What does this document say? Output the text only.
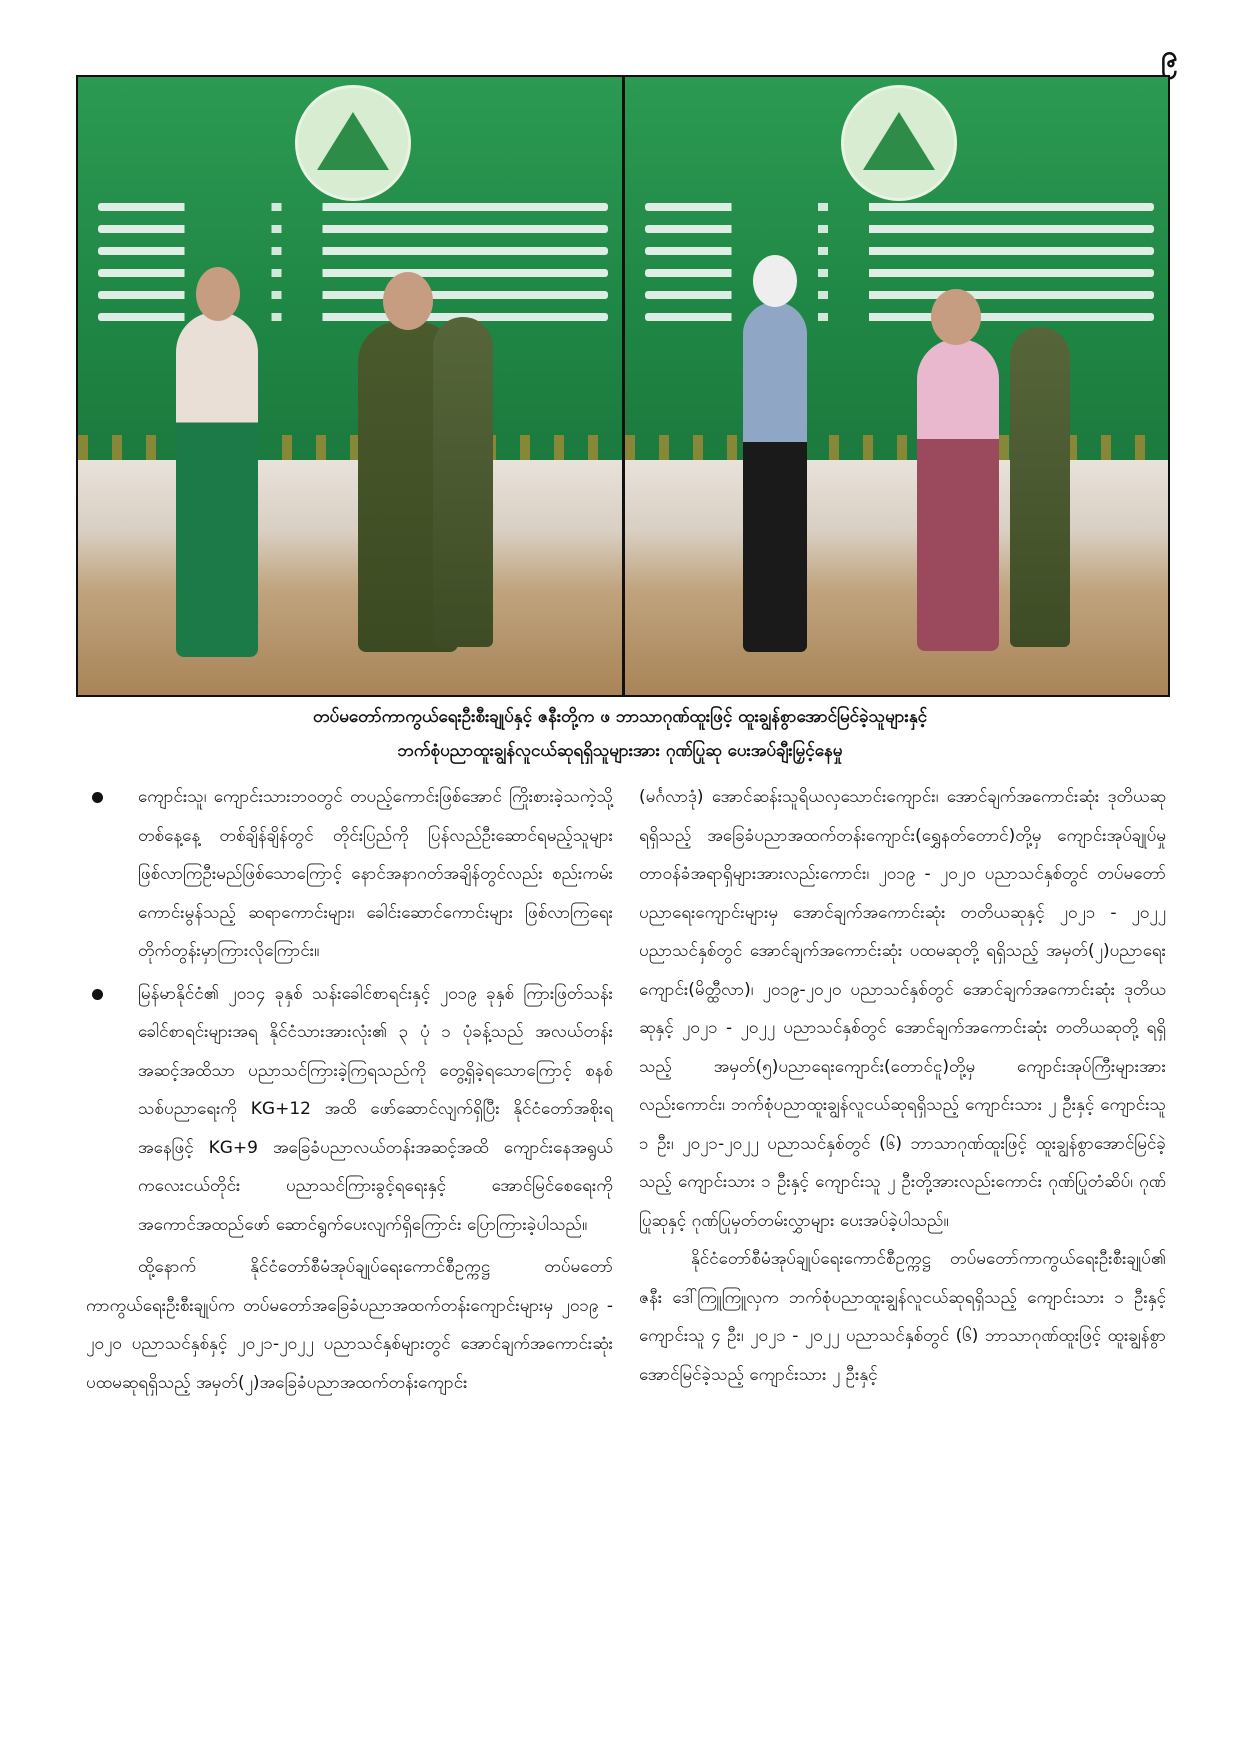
၉
တပ်မတော်ကာကွယ်ရေးဦးစီးချုပ်နှင့် ဇနီးတို့က ဖ ဘာသာဂုဏ်ထူးဖြင့် ထူးချွန်စွာအောင်မြင်ခဲ့သူများနှင့်
ဘက်စုံပညာထူးချွန်လူငယ်ဆုရရှိသူများအား ဂုဏ်ပြုဆု ပေးအပ်ချီးမြှင့်နေမှု

ကျောင်းသူ၊ ကျောင်းသားဘဝတွင် တပည့်ကောင်းဖြစ်အောင် ကြိုးစားခဲ့သကဲ့သို့ တစ်နေ့နေ့ တစ်ချိန်ချိန်တွင် တိုင်းပြည်ကို ပြန်လည်ဦးဆောင်ရမည့်သူများ ဖြစ်လာကြဦးမည်ဖြစ်သောကြောင့် နောင်အနာဂတ်အချိန်တွင်လည်း စည်းကမ်းကောင်းမွန်သည့် ဆရာကောင်းများ၊ ခေါင်းဆောင်ကောင်းများ ဖြစ်လာကြရေး တိုက်တွန်းမှာကြားလိုကြောင်း။

မြန်မာနိုင်ငံ၏ ၂၀၁၄ ခုနှစ် သန်းခေါင်စာရင်းနှင့် ၂၀၁၉ ခုနှစ် ကြားဖြတ်သန်းခေါင်စာရင်းများအရ နိုင်ငံသားအားလုံး၏ ၃ ပုံ ၁ ပုံခန့်သည် အလယ်တန်းအဆင့်အထိသာ ပညာသင်ကြားခဲ့ကြရသည်ကို တွေ့ရှိခဲ့ရသောကြောင့် စနစ်သစ်ပညာရေးကို KG+12 အထိ ဖော်ဆောင်လျက်ရှိပြီး နိုင်ငံတော်အစိုးရအနေဖြင့် KG+9 အခြေခံပညာလယ်တန်းအဆင့်အထိ ကျောင်းနေအရွယ် ကလေးငယ်တိုင်း ပညာသင်ကြားခွင့်ရရေးနှင့် အောင်မြင်စေရေးကို အကောင်အထည်ဖော် ဆောင်ရွက်ပေးလျက်ရှိကြောင်း ပြောကြားခဲ့ပါသည်။

ထို့နောက် နိုင်ငံတော်စီမံအုပ်ချုပ်ရေးကောင်စီဥက္ကဋ္ဌ တပ်မတော်ကာကွယ်ရေးဦးစီးချုပ်က တပ်မတော်အခြေခံပညာအထက်တန်းကျောင်းများမှ ၂၀၁၉ - ၂၀၂၀ ပညာသင်နှစ်နှင့် ၂၀၂၁-၂၀၂၂ ပညာသင်နှစ်များတွင် အောင်ချက်အကောင်းဆုံး ပထမဆုရရှိသည့် အမှတ်(၂)အခြေခံပညာအထက်တန်းကျောင်း

(မင်္ဂလာဒုံ) အောင်ဆန်းသူရိယလှသောင်းကျောင်း၊ အောင်ချက်အကောင်းဆုံး ဒုတိယဆုရရှိသည့် အခြေခံပညာအထက်တန်းကျောင်း(ရွှေနတ်တောင်)တို့မှ ကျောင်းအုပ်ချုပ်မှုတာဝန်ခံအရာရှိများအားလည်းကောင်း၊ ၂၀၁၉ - ၂၀၂၀ ပညာသင်နှစ်တွင် တပ်မတော်ပညာရေးကျောင်းများမှ အောင်ချက်အကောင်းဆုံး တတိယဆုနှင့် ၂၀၂၁ - ၂၀၂၂ ပညာသင်နှစ်တွင် အောင်ချက်အကောင်းဆုံး ပထမဆုတို့ ရရှိသည့် အမှတ်(၂)ပညာရေးကျောင်း(မိတ္ထီလာ)၊ ၂၀၁၉-၂၀၂၀ ပညာသင်နှစ်တွင် အောင်ချက်အကောင်းဆုံး ဒုတိယဆုနှင့် ၂၀၂၁ - ၂၀၂၂ ပညာသင်နှစ်တွင် အောင်ချက်အကောင်းဆုံး တတိယဆုတို့ ရရှိသည့် အမှတ်(၅)ပညာရေးကျောင်း(တောင်ငူ)တို့မှ ကျောင်းအုပ်ကြီးများအားလည်းကောင်း၊ ဘက်စုံပညာထူးချွန်လူငယ်ဆုရရှိသည့် ကျောင်းသား ၂ ဦးနှင့် ကျောင်းသူ ၁ ဦး၊ ၂၀၂၁-၂၀၂၂ ပညာသင်နှစ်တွင် (၆) ဘာသာဂုဏ်ထူးဖြင့် ထူးချွန်စွာအောင်မြင်ခဲ့သည့် ကျောင်းသား ၁ ဦးနှင့် ကျောင်းသူ ၂ ဦးတို့အားလည်းကောင်း ဂုဏ်ပြုတံဆိပ်၊ ဂုဏ်ပြုဆုနှင့် ဂုဏ်ပြုမှတ်တမ်းလွှာများ ပေးအပ်ခဲ့ပါသည်။

နိုင်ငံတော်စီမံအုပ်ချုပ်ရေးကောင်စီဥက္ကဋ္ဌ တပ်မတော်ကာကွယ်ရေးဦးစီးချုပ်၏ ဇနီး ဒေါ်ကြူကြူလှက ဘက်စုံပညာထူးချွန်လူငယ်ဆုရရှိသည့် ကျောင်းသား ၁ ဦးနှင့် ကျောင်းသူ ၄ ဦး၊ ၂၀၂၁ - ၂၀၂၂ ပညာသင်နှစ်တွင် (၆) ဘာသာဂုဏ်ထူးဖြင့် ထူးချွန်စွာ အောင်မြင်ခဲ့သည့် ကျောင်းသား ၂ ဦးနှင့်
